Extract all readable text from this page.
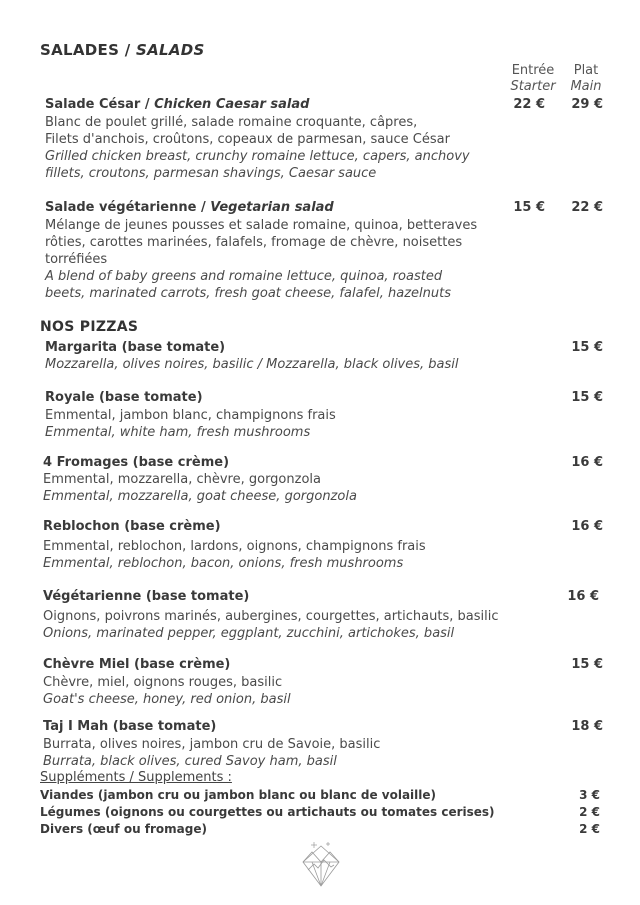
SALADES / SALADS
Entrée
Starter
Plat
Main
Salade César / Chicken Caesar salad	22 €	29 €
Blanc de poulet grillé, salade romaine croquante, câpres,
Filets d'anchois, croûtons, copeaux de parmesan, sauce César
Grilled chicken breast, crunchy romaine lettuce, capers, anchovy
fillets, croutons, parmesan shavings, Caesar sauce
Salade végétarienne / Vegetarian salad	15 €	22 €
Mélange de jeunes pousses et salade romaine, quinoa, betteraves
rôties, carottes marinées, falafels, fromage de chèvre, noisettes
torréfiées
A blend of baby greens and romaine lettuce, quinoa, roasted
beets, marinated carrots, fresh goat cheese, falafel, hazelnuts
NOS PIZZAS
Margarita (base tomate)	15 €
Mozzarella, olives noires, basilic / Mozzarella, black olives, basil
Royale (base tomate)	15 €
Emmental, jambon blanc, champignons frais
Emmental, white ham, fresh mushrooms
4 Fromages (base crème)	16 €
Emmental, mozzarella, chèvre, gorgonzola
Emmental, mozzarella, goat cheese, gorgonzola
Reblochon (base crème)	16 €
Emmental, reblochon, lardons, oignons, champignons frais
Emmental, reblochon, bacon, onions, fresh mushrooms
Végétarienne (base tomate)	16 €
Oignons, poivrons marinés, aubergines, courgettes, artichauts, basilic
Onions, marinated pepper, eggplant, zucchini, artichokes, basil
Chèvre Miel (base crème)	15 €
Chèvre, miel, oignons rouges, basilic
Goat's cheese, honey, red onion, basil
Taj I Mah (base tomate)	18 €
Burrata, olives noires, jambon cru de Savoie, basilic
Burrata, black olives, cured Savoy ham, basil
Suppléments / Supplements :
Viandes (jambon cru ou jambon blanc ou blanc de volaille)	3 €
Légumes (oignons ou courgettes ou artichauts ou tomates cerises)	2 €
Divers (œuf ou fromage)	2 €
